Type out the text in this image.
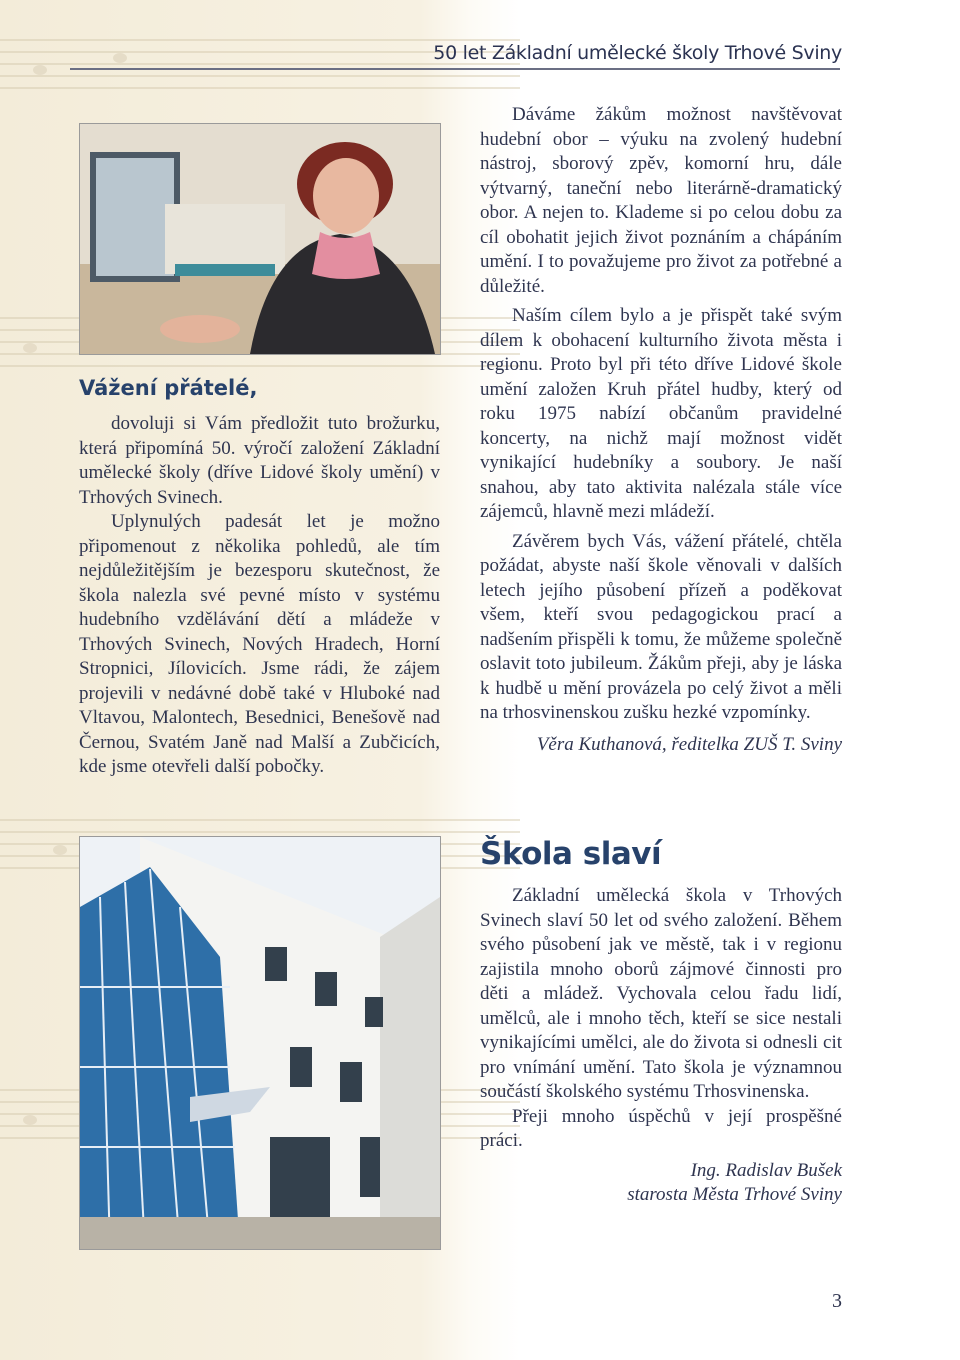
50 let Základní umělecké školy Trhové Sviny
Vážení přátelé,

dovoluji si Vám předložit tuto brožurku, která připomíná 50. výročí založení Základní umělecké školy (dříve Lidové školy umění) v Trhových Svinech.

Uplynulých padesát let je možno připomenout z několika pohledů, ale tím nejdůležitějším je bezesporu skutečnost, že škola nalezla své pevné místo v systému hudebního vzdělávání dětí a mládeže v Trhových Svinech, Nových Hradech, Horní Stropnici, Jílovicích. Jsme rádi, že zájem projevili v nedávné době také v Hluboké nad Vltavou, Malontech, Besednici, Benešově nad Černou, Svatém Janě nad Malší a Zubčicích, kde jsme otevřeli další pobočky.

Dáváme žákům možnost navštěvovat hudební obor – výuku na zvolený hudební nástroj, sborový zpěv, komorní hru, dále výtvarný, taneční nebo literárně-dramatický obor. A nejen to. Klademe si po celou dobu za cíl obohatit jejich život poznáním a chápáním umění. I to považujeme pro život za potřebné a důležité.

Naším cílem bylo a je přispět také svým dílem k obohacení kulturního života města i regionu. Proto byl při této dříve Lidové škole umění založen Kruh přátel hudby, který od roku 1975 nabízí občanům pravidelné koncerty, na nichž mají možnost vidět vynikající hudebníky a soubory. Je naší snahou, aby tato aktivita nalézala stále více zájemců, hlavně mezi mládeží.

Závěrem bych Vás, vážení přátelé, chtěla požádat, abyste naší škole věnovali v dalších letech jejího působení přízeň a poděkovat všem, kteří svou pedagogickou prací a nadšením přispěli k tomu, že můžeme společně oslavit toto jubileum. Žákům přeji, aby je láska k hudbě u mění provázela po celý život a měli na trhosvinenskou zušku hezké vzpomínky.

Věra Kuthanová, ředitelka ZUŠ T. Sviny

Škola slaví

Základní umělecká škola v Trhových Svinech slaví 50 let od svého založení. Během svého působení jak ve městě, tak i v regionu zajistila mnoho oborů zájmové činnosti pro děti a mládež. Vychovala celou řadu lidí, umělců, ale i mnoho těch, kteří se sice nestali vynikajícími umělci, ale do života si odnesli cit pro vnímání umění. Tato škola je významnou součástí školského systému Trhosvinenska.

Přeji mnoho úspěchů v její prospěšné práci.

Ing. Radislav Bušek

starosta Města Trhové Sviny

3
